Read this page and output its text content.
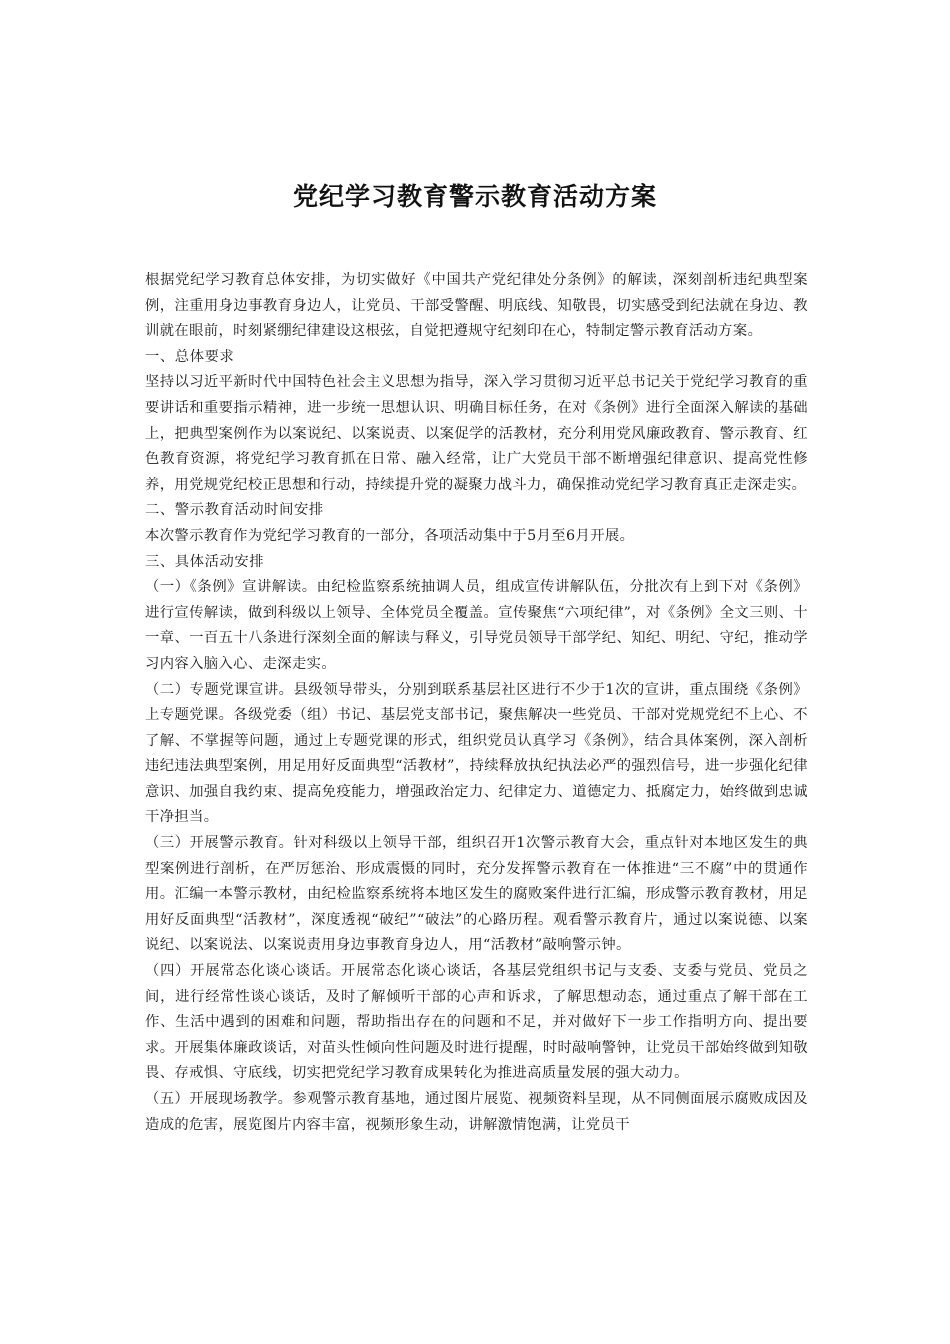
党纪学习教育警示教育活动方案

根据党纪学习教育总体安排，为切实做好《中国共产党纪律处分条例》的解读，深刻剖析违纪典型案例，注重用身边事教育身边人，让党员、干部受警醒、明底线、知敬畏，切实感受到纪法就在身边、教训就在眼前，时刻紧绷纪律建设这根弦，自觉把遵规守纪刻印在心，特制定警示教育活动方案。

一、总体要求

坚持以习近平新时代中国特色社会主义思想为指导，深入学习贯彻习近平总书记关于党纪学习教育的重要讲话和重要指示精神，进一步统一思想认识、明确目标任务，在对《条例》进行全面深入解读的基础上，把典型案例作为以案说纪、以案说责、以案促学的活教材，充分利用党风廉政教育、警示教育、红色教育资源，将党纪学习教育抓在日常、融入经常，让广大党员干部不断增强纪律意识、提高党性修养，用党规党纪校正思想和行动，持续提升党的凝聚力战斗力，确保推动党纪学习教育真正走深走实。

二、警示教育活动时间安排

本次警示教育作为党纪学习教育的一部分，各项活动集中于5月至6月开展。

三、具体活动安排

（一）《条例》宣讲解读。由纪检监察系统抽调人员，组成宣传讲解队伍，分批次有上到下对《条例》进行宣传解读，做到科级以上领导、全体党员全覆盖。宣传聚焦“六项纪律”，对《条例》全文三则、十一章、一百五十八条进行深刻全面的解读与释义，引导党员领导干部学纪、知纪、明纪、守纪，推动学习内容入脑入心、走深走实。

（二）专题党课宣讲。县级领导带头，分别到联系基层社区进行不少于1次的宣讲，重点围绕《条例》上专题党课。各级党委（组）书记、基层党支部书记，聚焦解决一些党员、干部对党规党纪不上心、不了解、不掌握等问题，通过上专题党课的形式，组织党员认真学习《条例》，结合具体案例，深入剖析违纪违法典型案例，用足用好反面典型“活教材”，持续释放执纪执法必严的强烈信号，进一步强化纪律意识、加强自我约束、提高免疫能力，增强政治定力、纪律定力、道德定力、抵腐定力，始终做到忠诚干净担当。

（三）开展警示教育。针对科级以上领导干部，组织召开1次警示教育大会，重点针对本地区发生的典型案例进行剖析，在严厉惩治、形成震慑的同时，充分发挥警示教育在一体推进“三不腐”中的贯通作用。汇编一本警示教材，由纪检监察系统将本地区发生的腐败案件进行汇编，形成警示教育教材，用足用好反面典型“活教材”，深度透视“破纪”“破法”的心路历程。观看警示教育片，通过以案说德、以案说纪、以案说法、以案说责用身边事教育身边人，用“活教材”敲响警示钟。

（四）开展常态化谈心谈话。开展常态化谈心谈话，各基层党组织书记与支委、支委与党员、党员之间，进行经常性谈心谈话，及时了解倾听干部的心声和诉求，了解思想动态，通过重点了解干部在工作、生活中遇到的困难和问题，帮助指出存在的问题和不足，并对做好下一步工作指明方向、提出要求。开展集体廉政谈话，对苗头性倾向性问题及时进行提醒，时时敲响警钟，让党员干部始终做到知敬畏、存戒惧、守底线，切实把党纪学习教育成果转化为推进高质量发展的强大动力。

（五）开展现场教学。参观警示教育基地，通过图片展览、视频资料呈现，从不同侧面展示腐败成因及造成的危害，展览图片内容丰富，视频形象生动，讲解激情饱满，让党员干
